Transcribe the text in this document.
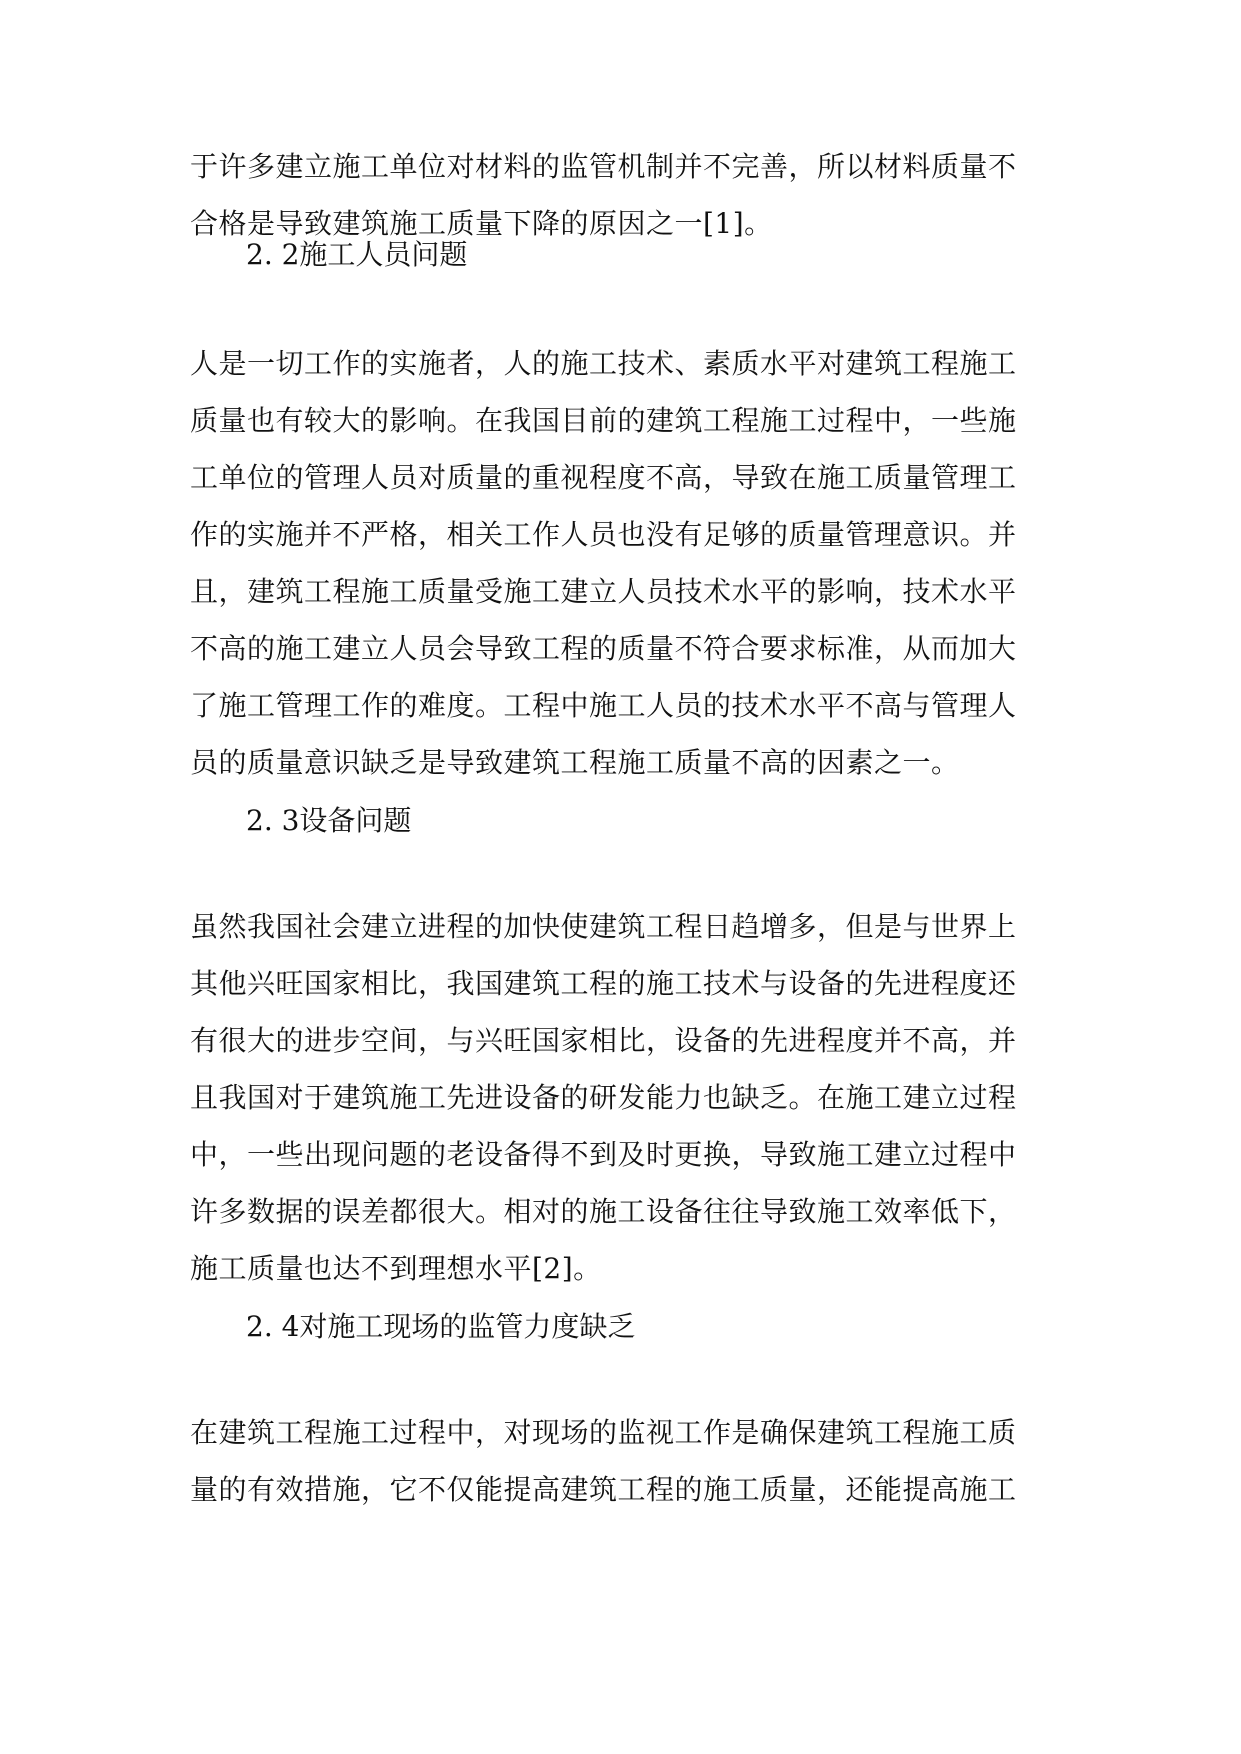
于许多建立施工单位对材料的监管机制并不完善，所以材料质量不
合格是导致建筑施工质量下降的原因之一[1]。
2. 2施工人员问题
人是一切工作的实施者，人的施工技术、素质水平对建筑工程施工
质量也有较大的影响。在我国目前的建筑工程施工过程中，一些施
工单位的管理人员对质量的重视程度不高，导致在施工质量管理工
作的实施并不严格，相关工作人员也没有足够的质量管理意识。并
且，建筑工程施工质量受施工建立人员技术水平的影响，技术水平
不高的施工建立人员会导致工程的质量不符合要求标准，从而加大
了施工管理工作的难度。工程中施工人员的技术水平不高与管理人
员的质量意识缺乏是导致建筑工程施工质量不高的因素之一。
2. 3设备问题
虽然我国社会建立进程的加快使建筑工程日趋增多，但是与世界上
其他兴旺国家相比，我国建筑工程的施工技术与设备的先进程度还
有很大的进步空间，与兴旺国家相比，设备的先进程度并不高，并
且我国对于建筑施工先进设备的研发能力也缺乏。在施工建立过程
中，一些出现问题的老设备得不到及时更换，导致施工建立过程中
许多数据的误差都很大。相对的施工设备往往导致施工效率低下，
施工质量也达不到理想水平[2]。
2. 4对施工现场的监管力度缺乏
在建筑工程施工过程中，对现场的监视工作是确保建筑工程施工质
量的有效措施，它不仅能提高建筑工程的施工质量，还能提高施工
